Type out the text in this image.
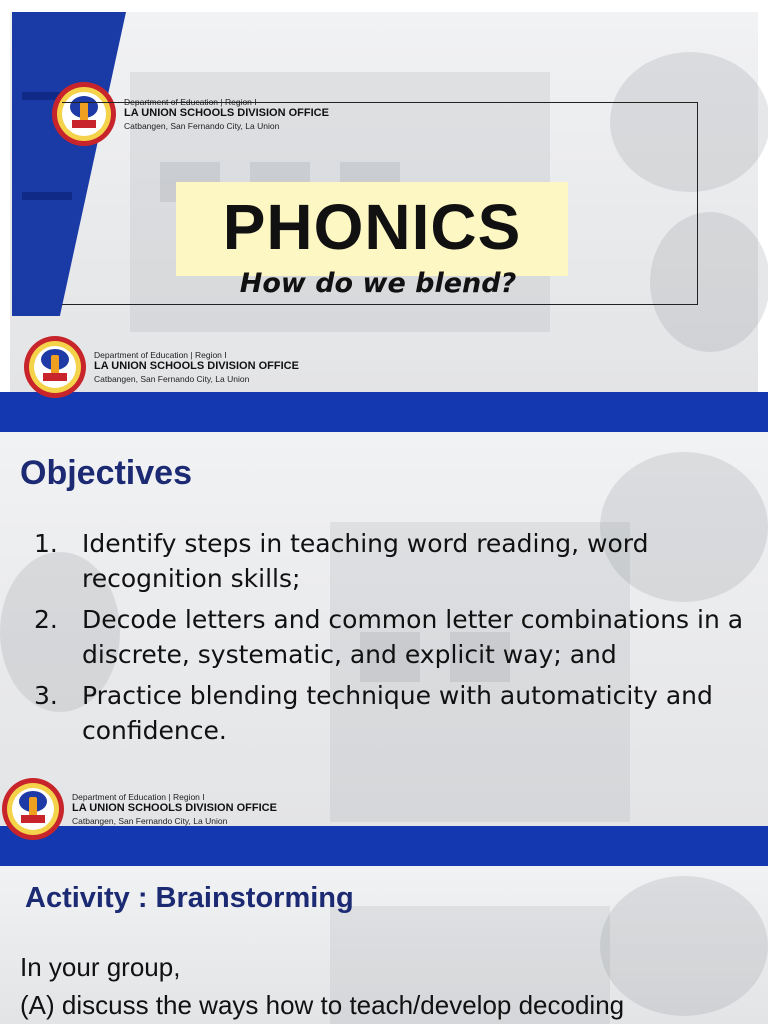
Department of Education | Region I
LA UNION SCHOOLS DIVISION OFFICE
Catbangen, San Fernando City, La Union
PHONICS
How do we blend?
Department of Education | Region I
LA UNION SCHOOLS DIVISION OFFICE
Catbangen, San Fernando City, La Union
Objectives
1. Identify steps in teaching word reading, word recognition skills;
2. Decode letters and common letter combinations in a discrete, systematic, and explicit way; and
3. Practice blending technique with automaticity and confidence.
Department of Education | Region I
LA UNION SCHOOLS DIVISION OFFICE
Catbangen, San Fernando City, La Union
Activity : Brainstorming
In your group,
(A) discuss the ways how to teach/develop decoding
